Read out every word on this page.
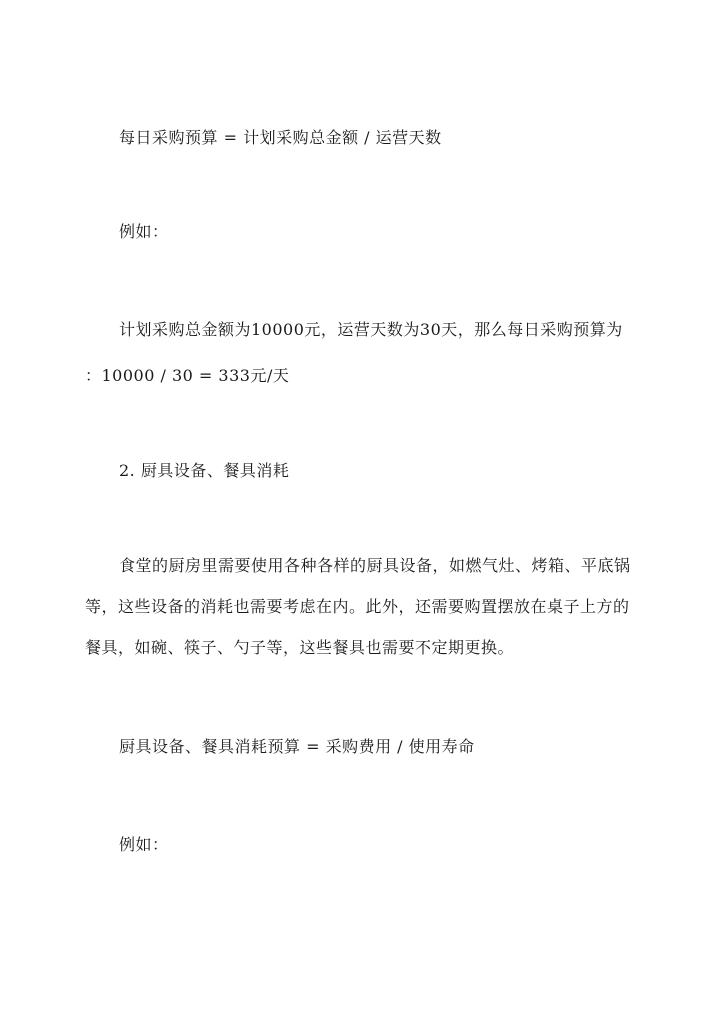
每日采购预算 = 计划采购总金额 / 运营天数

例如：

计划采购总金额为10000元，运营天数为30天，那么每日采购预算为

：10000 / 30 = 333元/天

2. 厨具设备、餐具消耗

食堂的厨房里需要使用各种各样的厨具设备，如燃气灶、烤箱、平底锅等，这些设备的消耗也需要考虑在内。此外，还需要购置摆放在桌子上方的餐具，如碗、筷子、勺子等，这些餐具也需要不定期更换。

厨具设备、餐具消耗预算 = 采购费用 / 使用寿命

例如：
